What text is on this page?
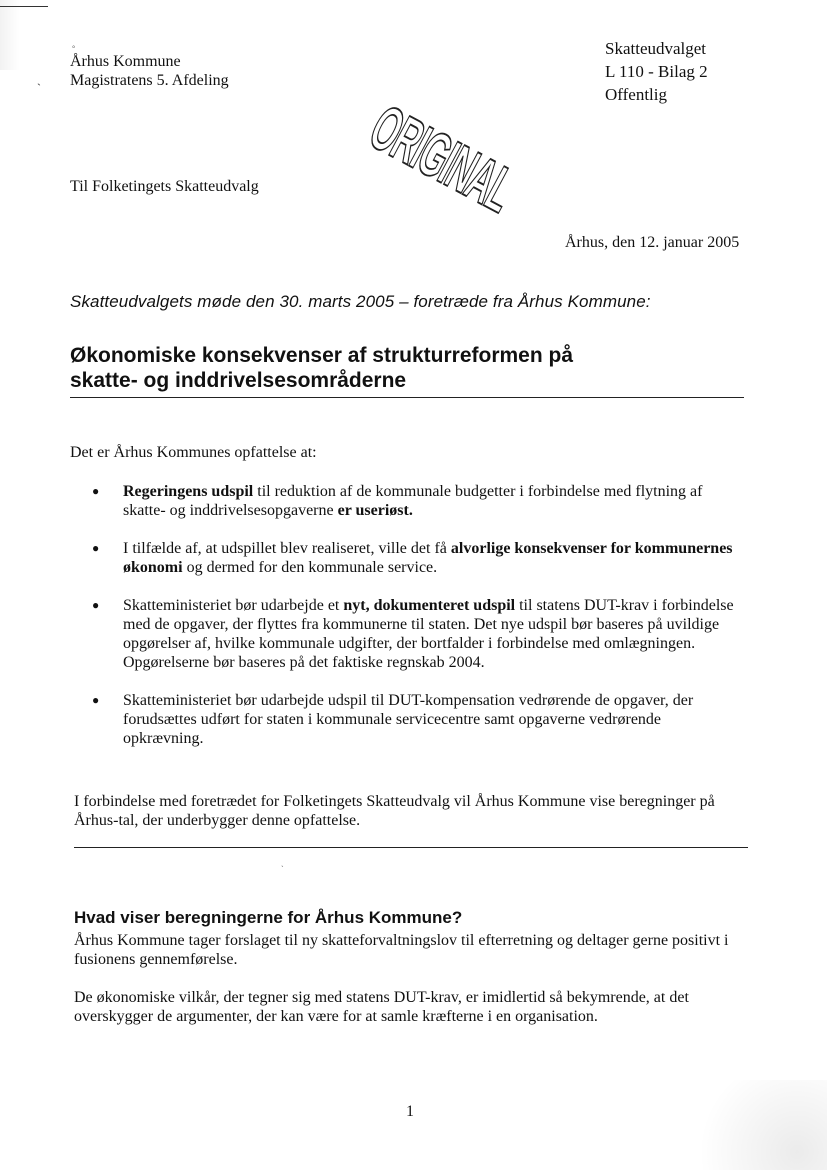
°
ˏ
Århus Kommune
Magistratens 5. Afdeling
Skatteudvalget
L 110 - Bilag 2
Offentlig
ORIGINAL
Til Folketingets Skatteudvalg
Århus, den 12. januar 2005
Skatteudvalgets møde den 30. marts 2005 – foretræde fra Århus Kommune:
Økonomiske konsekvenser af strukturreformen på
skatte- og inddrivelsesområderne
Det er Århus Kommunes opfattelse at:
●
Regeringens udspil til reduktion af de kommunale budgetter i forbindelse med flytning af skatte- og inddrivelsesopgaverne er useriøst.
●
I tilfælde af, at udspillet blev realiseret, ville det få alvorlige konsekvenser for kommunernes økonomi og dermed for den kommunale service.
●
Skatteministeriet bør udarbejde et nyt, dokumenteret udspil til statens DUT-krav i forbindelse med de opgaver, der flyttes fra kommunerne til staten. Det nye udspil bør baseres på uvildige opgørelser af, hvilke kommunale udgifter, der bortfalder i forbindelse med omlægningen. Opgørelserne bør baseres på det faktiske regnskab 2004.
●
Skatteministeriet bør udarbejde udspil til DUT-kompensation vedrørende de opgaver, der forudsættes udført for staten i kommunale servicecentre samt opgaverne vedrørende opkrævning.
I forbindelse med foretrædet for Folketingets Skatteudvalg vil Århus Kommune vise beregninger på Århus-tal, der underbygger denne opfattelse.
ˏ
Hvad viser beregningerne for Århus Kommune?
Århus Kommune tager forslaget til ny skatteforvaltningslov til efterretning og deltager gerne positivt i fusionens gennemførelse.
De økonomiske vilkår, der tegner sig med statens DUT-krav, er imidlertid så bekymrende, at det overskygger de argumenter, der kan være for at samle kræfterne i en organisation.
1
